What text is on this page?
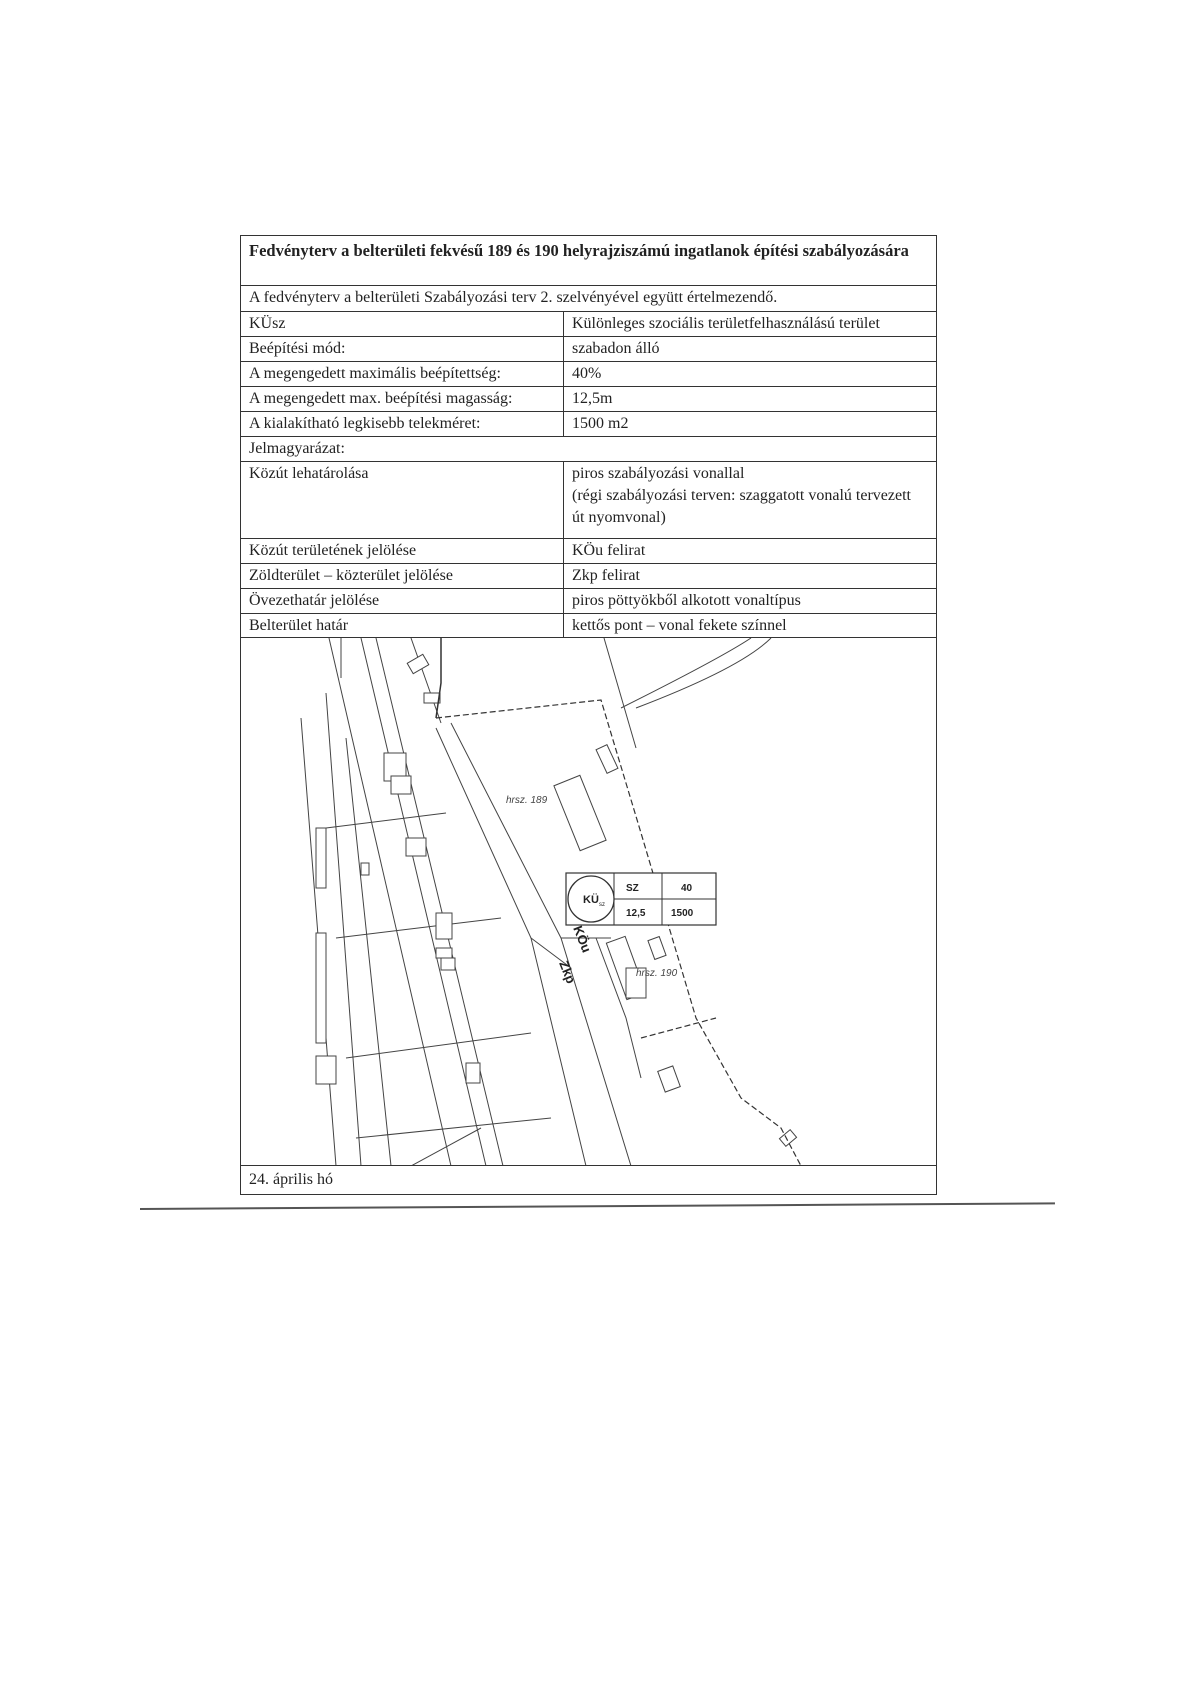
Fedvényterv a belterületi fekvésű 189 és 190 helyrajziszámú ingatlanok építési szabályozására
A fedvényterv a belterületi Szabályozási terv 2. szelvényével együtt értelmezendő.
KÜsz	Különleges szociális területfelhasználású terület
Beépítési mód:	szabadon álló
A megengedett maximális beépítettség:	40%
A megengedett max. beépítési magasság:	12,5m
A kialakítható legkisebb telekméret:	1500 m2
Jelmagyarázat:
Közút lehatárolása	piros szabályozási vonallal
(régi szabályozási terven: szaggatott vonalú tervezett út nyomvonal)
Közút területének jelölése	KÖu felirat
Zöldterület – közterület jelölése	Zkp felirat
Övezethatár jelölése	piros pöttyökből alkotott vonaltípus
Belterület határ	kettős pont – vonal fekete színnel
hrsz. 189
hrsz. 190
KÜ sz
SZ	40
12,5	1500
KÖu
Zkp
24. április hó
